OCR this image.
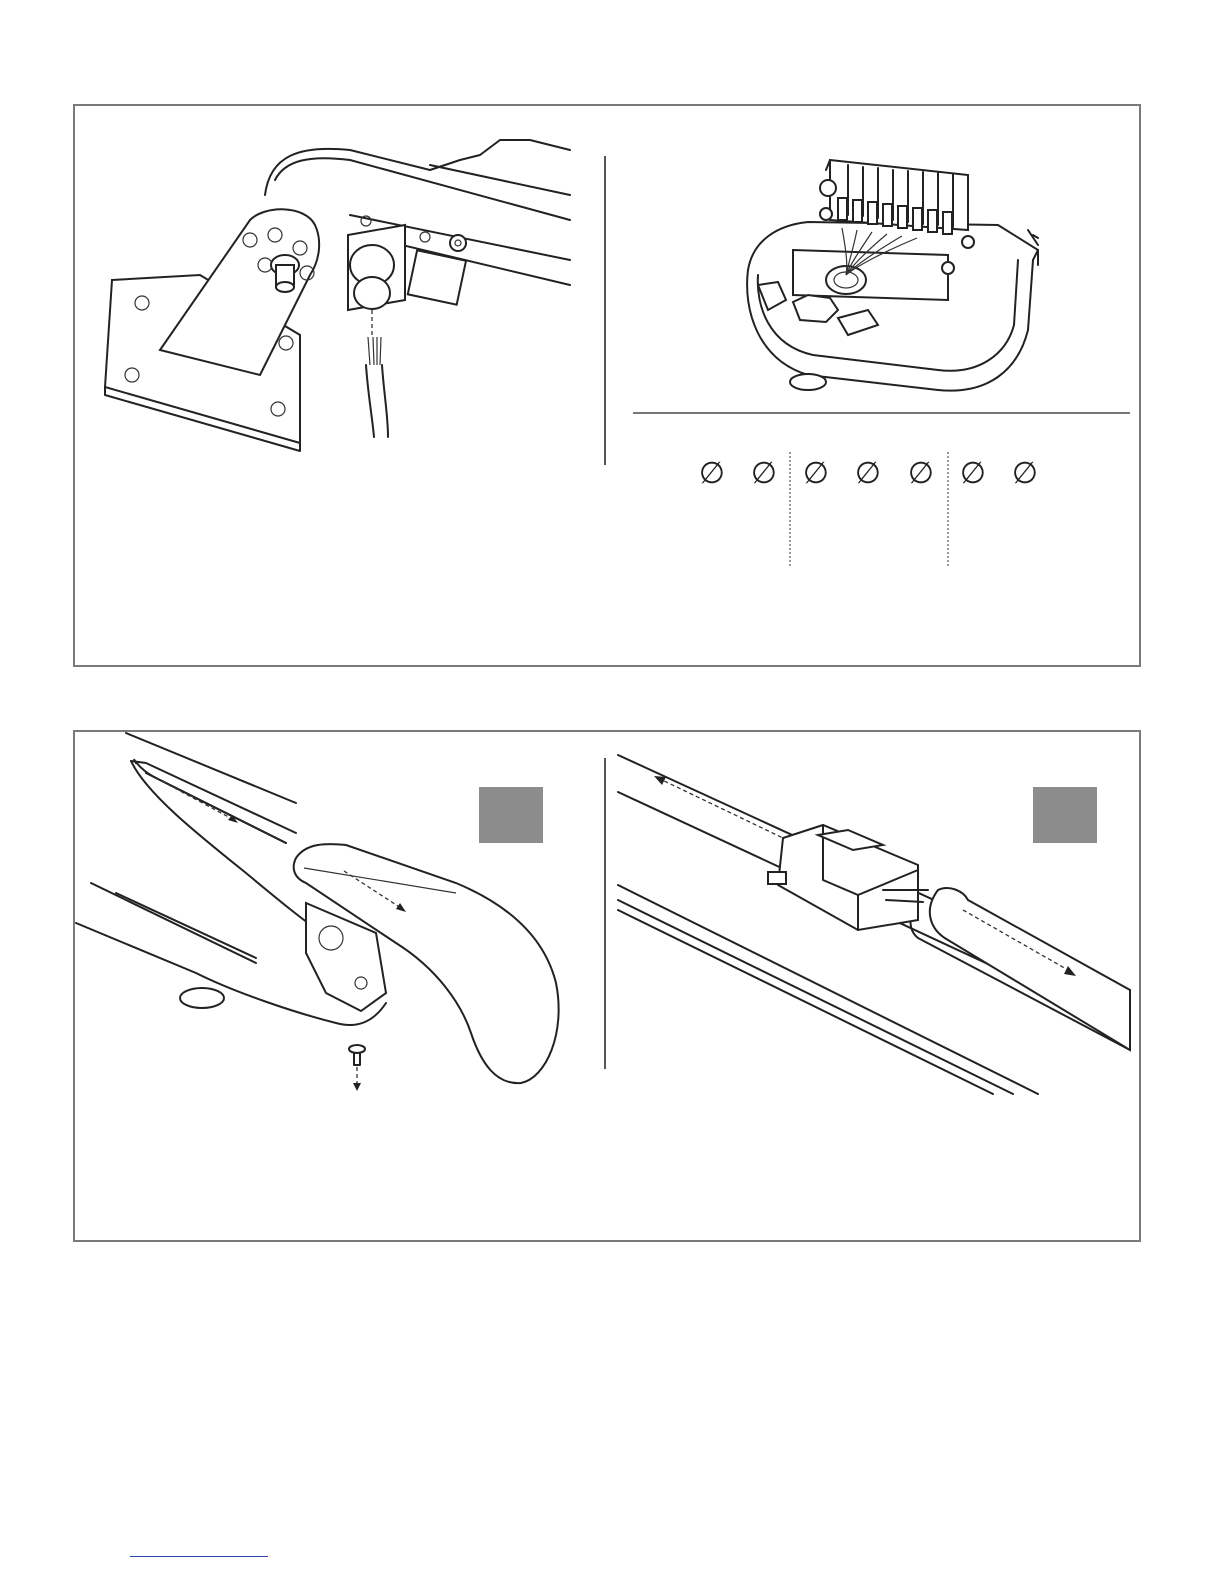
∅ ∅ ∅ ∅ ∅ ∅ ∅
